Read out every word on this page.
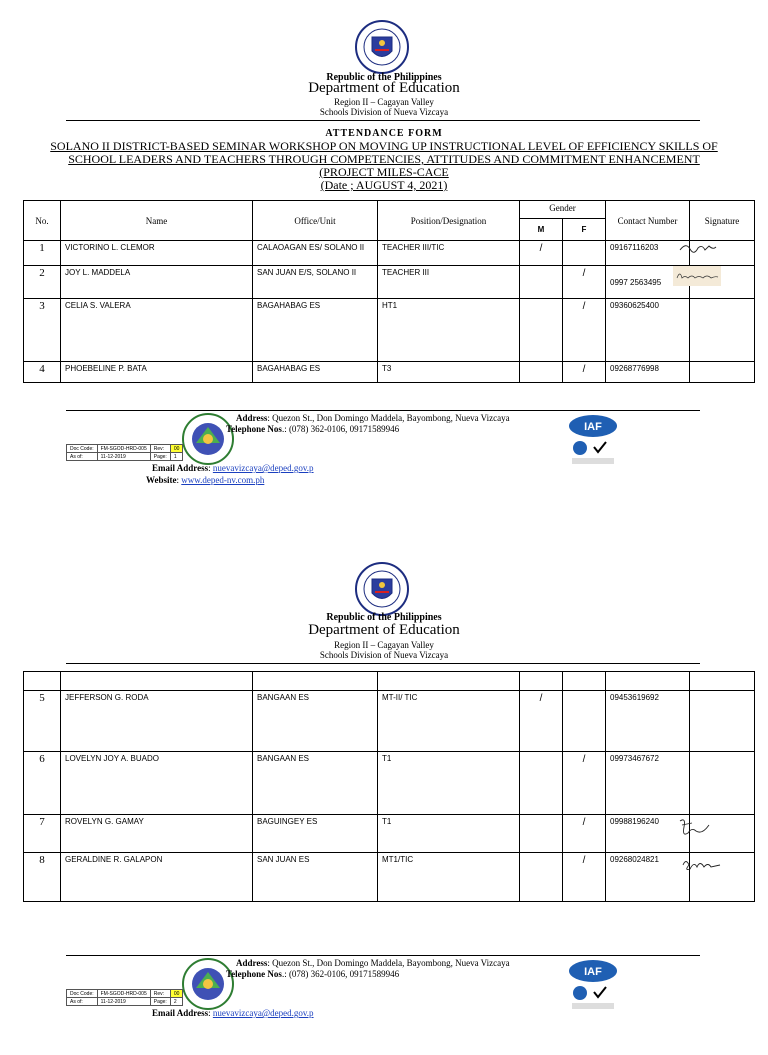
Republic of the Philippines
Department of Education
Region II – Cagayan Valley
Schools Division of Nueva Vizcaya
ATTENDANCE FORM
SOLANO II DISTRICT-BASED SEMINAR WORKSHOP ON MOVING UP INSTRUCTIONAL LEVEL OF EFFICIENCY SKILLS OF
SCHOOL LEADERS AND TEACHERS THROUGH COMPETENCIES, ATTITUDES AND COMMITMENT ENHANCEMENT
(PROJECT MILES-CACE
(Date ; AUGUST 4, 2021)
No.	Name	Office/Unit	Position/Designation	Gender		Contact Number	Signature
				M	F		
1	VICTORINO L. CLEMOR	CALAOAGAN ES/ SOLANO II	TEACHER III/TIC	/		09167116203	
2	JOY L. MADDELA	SAN JUAN E/S, SOLANO II	TEACHER III		/	0997 2563495	
3	CELIA S. VALERA	BAGAHABAG ES	HT1		/	09360625400	
4	PHOEBELINE P. BATA	BAGAHABAG ES	T3		/	09268776998	
Address: Quezon St., Don Domingo Maddela, Bayombong, Nueva Vizcaya
Telephone Nos.: (078) 362-0106, 09171589946
Doc Code:	FM-SGOD-HRD-005	Rev:	00
As of:	11-12-2019	Page:	1
Email Address: nuevavizcaya@deped.gov.p
Website: www.deped-nv.com.ph
IAF
Republic of the Philippines
Department of Education
Region II – Cagayan Valley
Schools Division of Nueva Vizcaya

5	JEFFERSON G. RODA	BANGAAN ES	MT-II/ TIC	/		09453619692	
6	LOVELYN JOY A. BUADO	BANGAAN ES	T1		/	09973467672	
7	ROVELYN G. GAMAY	BAGUINGEY ES	T1		/	09988196240	
8	GERALDINE R. GALAPON	SAN JUAN ES	MT1/TIC		/	09268024821	
Address: Quezon St., Don Domingo Maddela, Bayombong, Nueva Vizcaya
Telephone Nos.: (078) 362-0106, 09171589946
Doc Code:	FM-SGOD-HRD-005	Rev:	00
As of:	11-12-2019	Page:	2
Email Address: nuevavizcaya@deped.gov.p
IAF
